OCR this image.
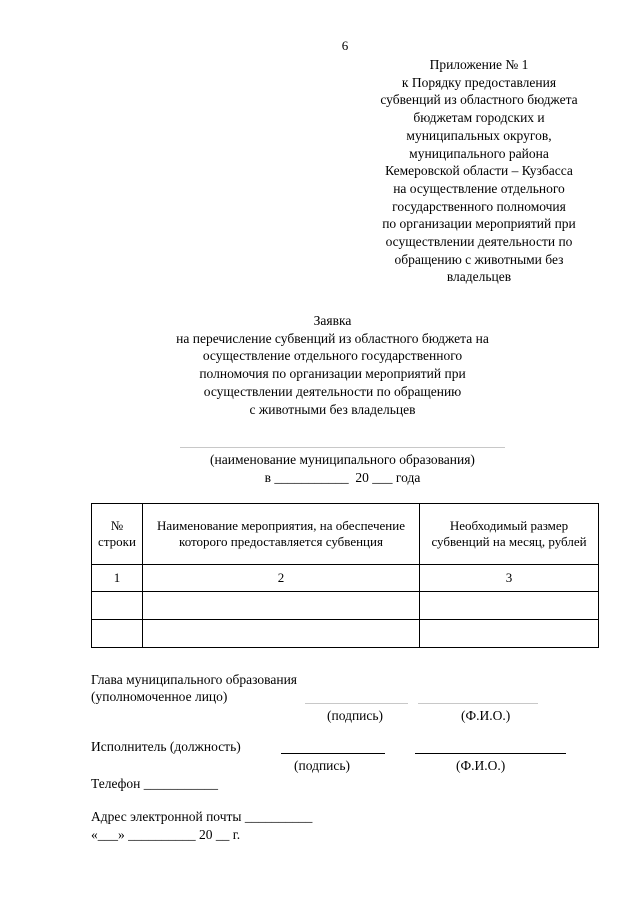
6
Приложение № 1
к Порядку предоставления
субвенций из областного бюджета
бюджетам городских и
муниципальных округов,
муниципального района
Кемеровской области – Кузбасса
на осуществление отдельного
государственного полномочия
по организации мероприятий при
осуществлении деятельности по
обращению с животными без
владельцев
Заявка
на перечисление субвенций из областного бюджета на
осуществление отдельного государственного
полномочия по организации мероприятий при
осуществлении деятельности по обращению
с животными без владельцев
(наименование муниципального образования)
в ___________  20 ___ года
№ строки	Наименование мероприятия, на обеспечение которого предоставляется субвенция	Необходимый размер субвенций на месяц, рублей
1	2	3

Глава муниципального образования
(уполномоченное лицо)
(подпись)	(Ф.И.О.)
Исполнитель (должность)
(подпись)	(Ф.И.О.)
Телефон ___________
Адрес электронной почты __________
«___» __________ 20 __ г.
